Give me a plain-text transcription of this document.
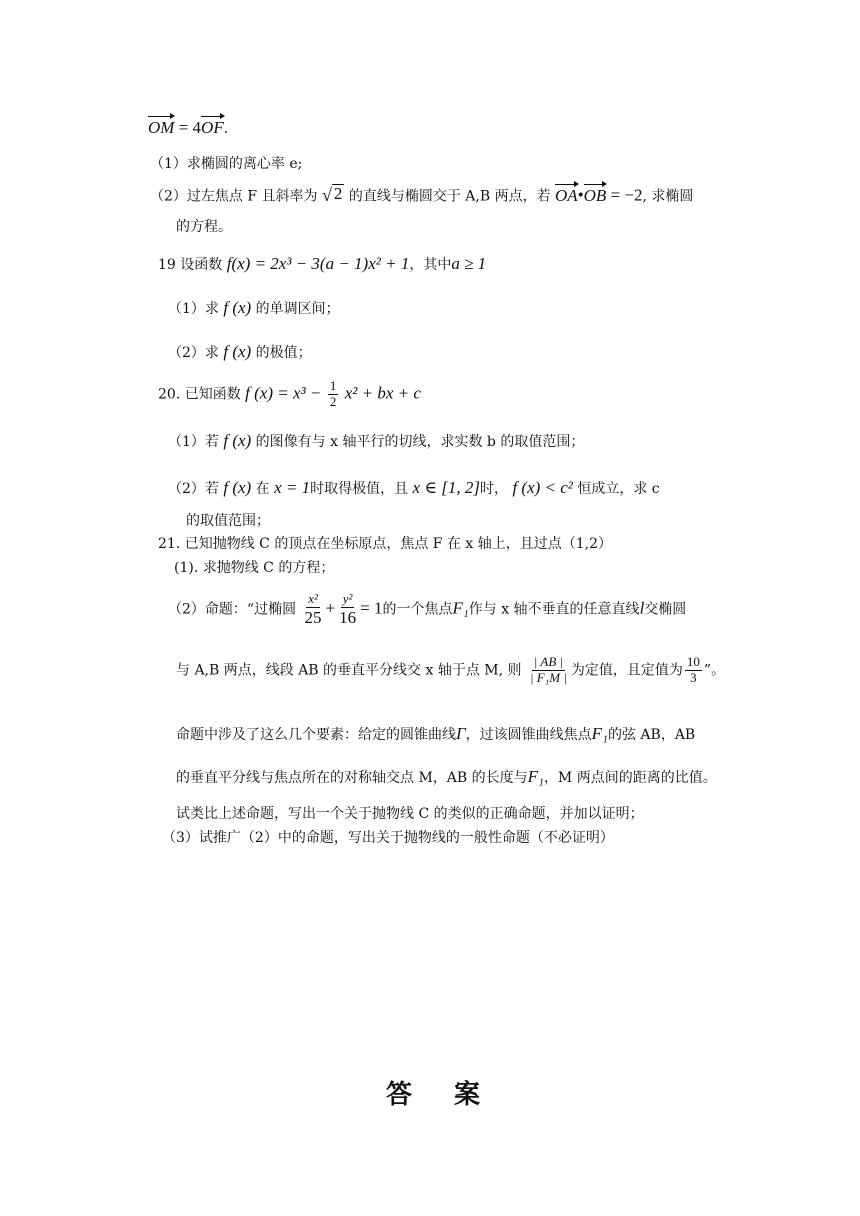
OM = 4OF.
（1）求椭圆的离心率 e;
（2）过左焦点 F 且斜率为 √ 2 的直线与椭圆交于 A,B 两点，若 OA•OB = −2, 求椭圆
的方程。
19 设函数 f(x) = 2x³ − 3(a − 1)x² + 1，其中a ≥ 1
（1）求 f (x) 的单调区间；
（2）求 f (x) 的极值；
20. 已知函数 f $(x) = x^3 - \frac{1}{2} x^2$ + bx + c
（1）若 f (x) 的图像有与 x 轴平行的切线，求实数 b 的取值范围；
（2）若 f (x) 在 x = 1时取得极值，且 x ∈ [1, 2]时， f (x) < c² 恒成立，求 c
的取值范围；
21. 已知抛物线 C 的顶点在坐标原点，焦点 F 在 x 轴上，且过点（1,2）
(1). 求抛物线 C 的方程；
（2）命题：“过椭圆 $\frac{\text{x²}}{25} + \frac{\text{y²}}{16} = 1$的一个焦点F₁作与 x 轴不垂直的任意直线l交椭圆
与 A,B 两点，线段 AB 的垂直平分线交 x 轴于点 M, 则 $\frac{| AB |}{\text{| F₁M |}}$ 为定值，且定值为 $\frac{10}{3}$ ”。
命题中涉及了这么几个要素：给定的圆锥曲线Γ，过该圆锥曲线焦点F₁的弦 AB，AB
的垂直平分线与焦点所在的对称轴交点 M，AB 的长度与F₁，M 两点间的距离的比值。
试类比上述命题，写出一个关于抛物线 C 的类似的正确命题，并加以证明；
（3）试推广（2）中的命题，写出关于抛物线的一般性命题（不必证明）
答案
